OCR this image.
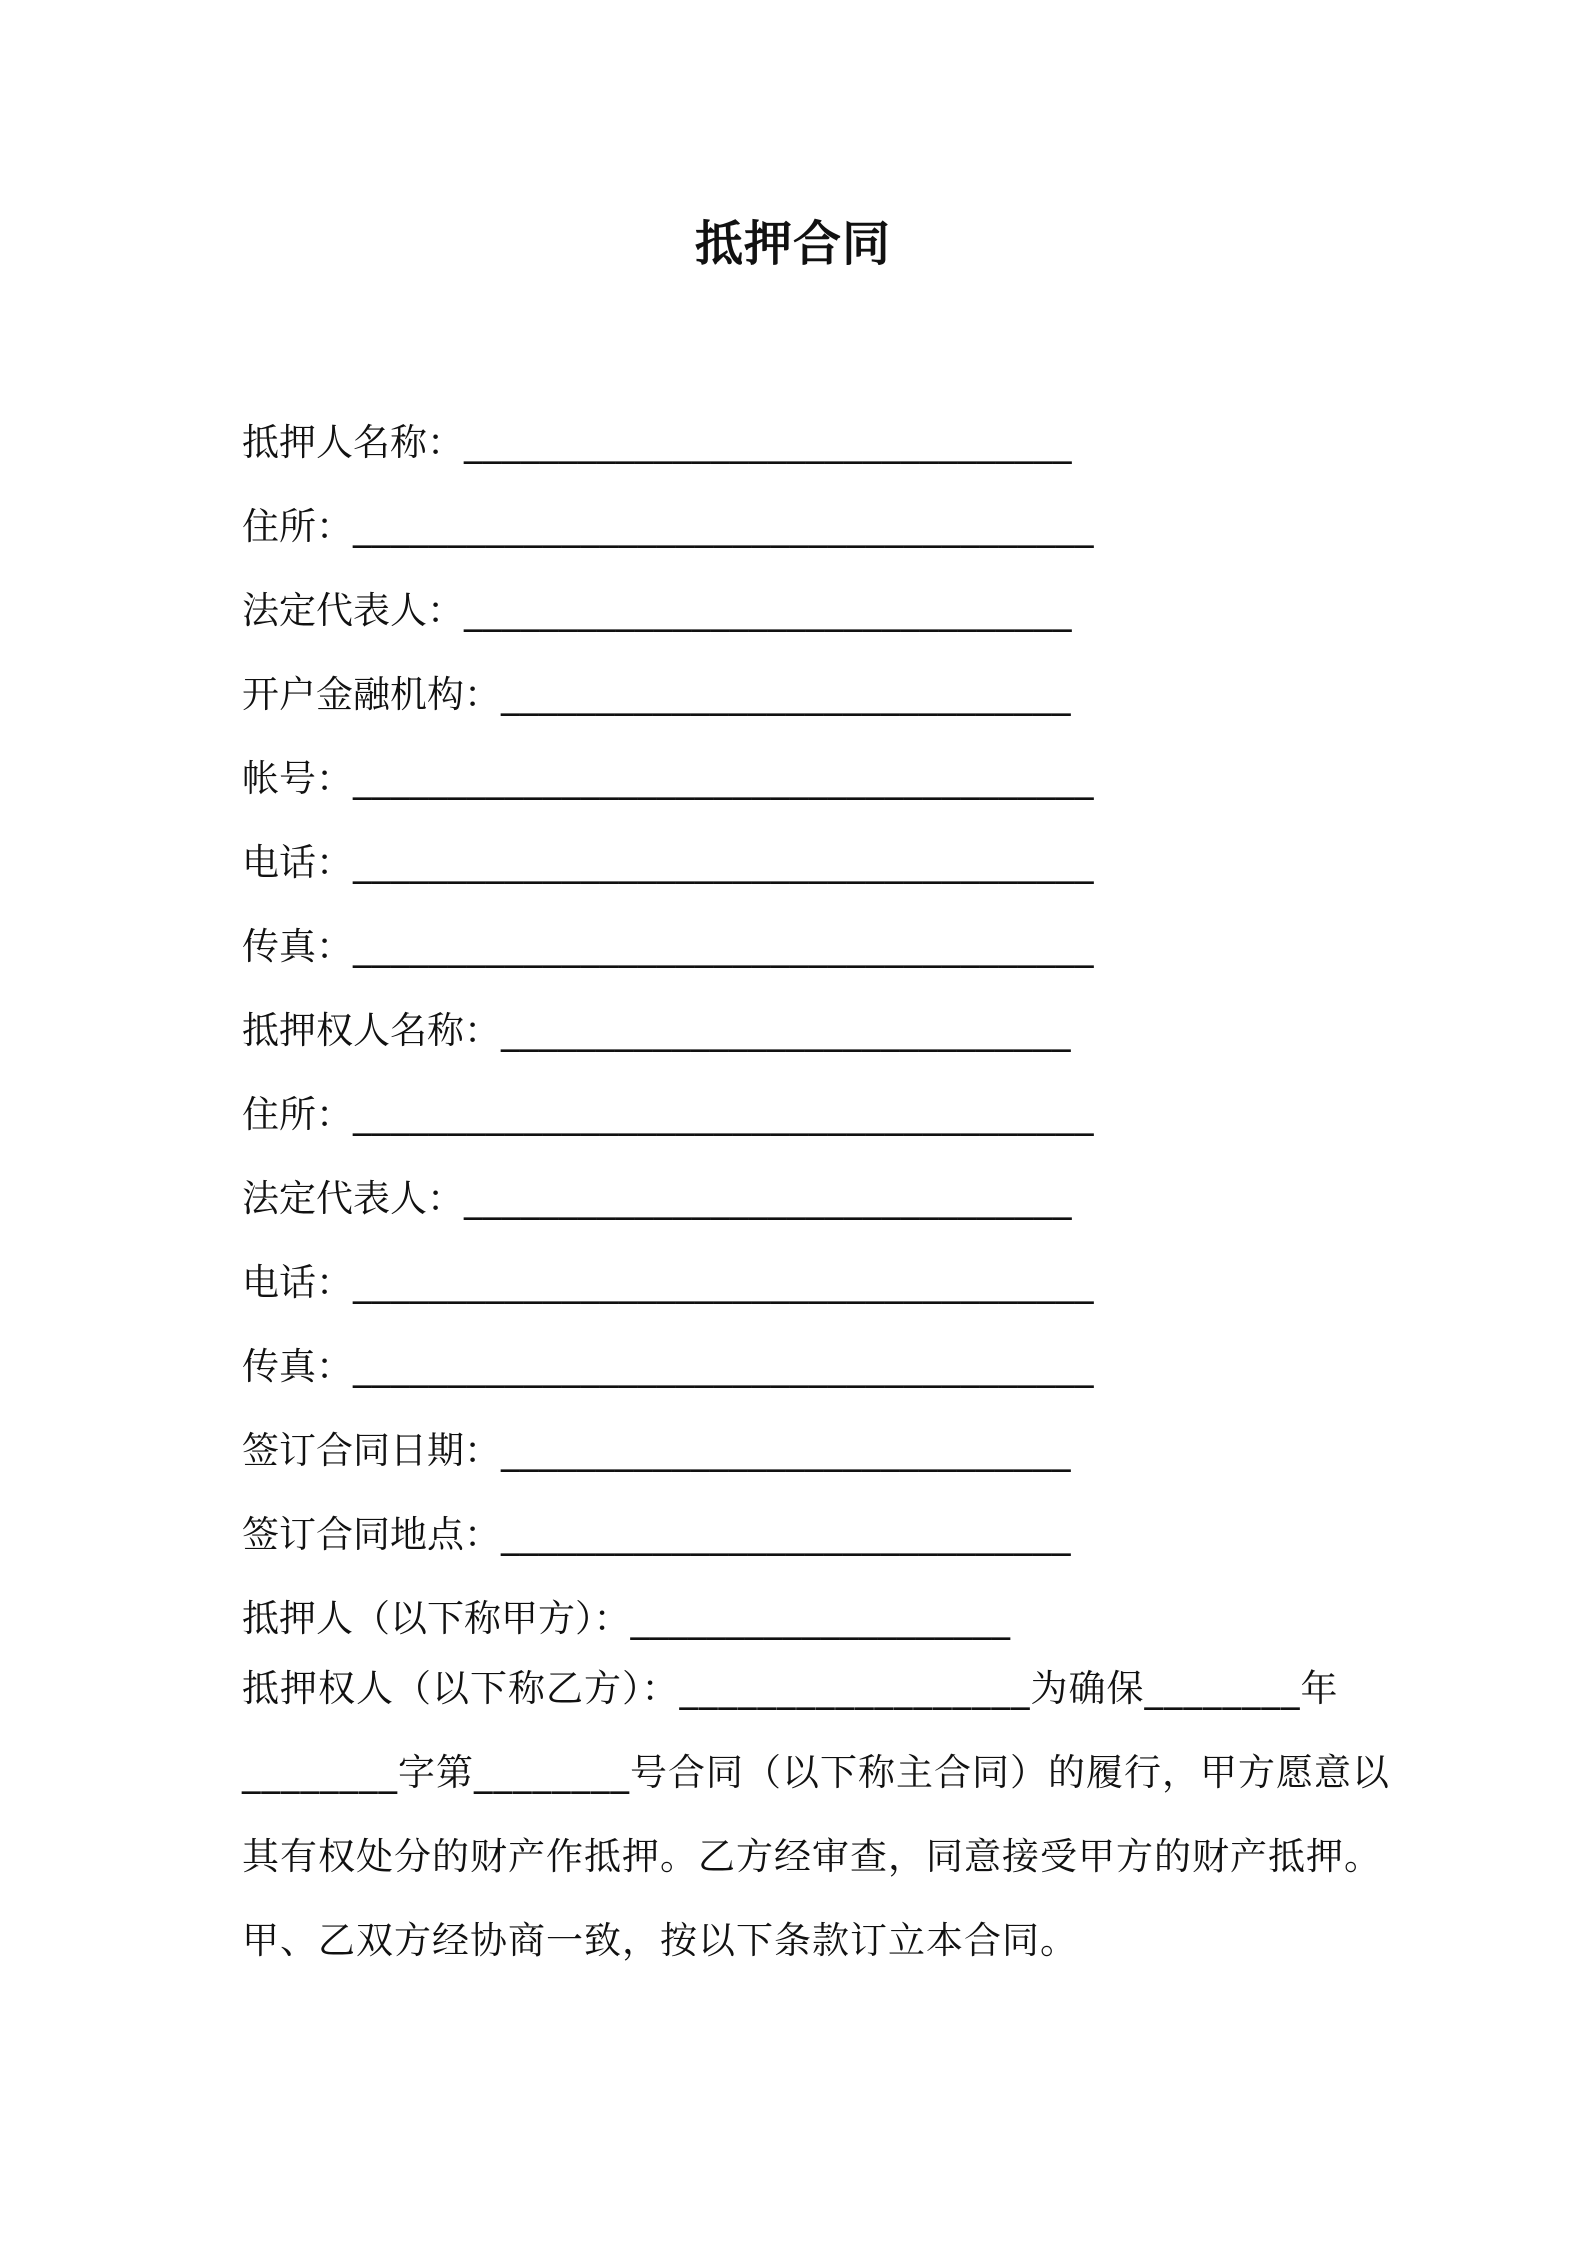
抵押合同
抵押人名称： ________________________________
住所： _______________________________________
法定代表人： ________________________________
开户金融机构： ______________________________
帐号： _______________________________________
电话： _______________________________________
传真： _______________________________________
抵押权人名称： ______________________________
住所： _______________________________________
法定代表人： ________________________________
电话： _______________________________________
传真： _______________________________________
签订合同日期： ______________________________
签订合同地点： ______________________________
抵押人（以下称甲方）： ____________________
抵押权人（以下称乙方）：__________________为确保________年
________字第________号合同（以下称主合同）的履行，甲方愿意以
其有权处分的财产作抵押。乙方经审查，同意接受甲方的财产抵押。
甲、乙双方经协商一致，按以下条款订立本合同。
